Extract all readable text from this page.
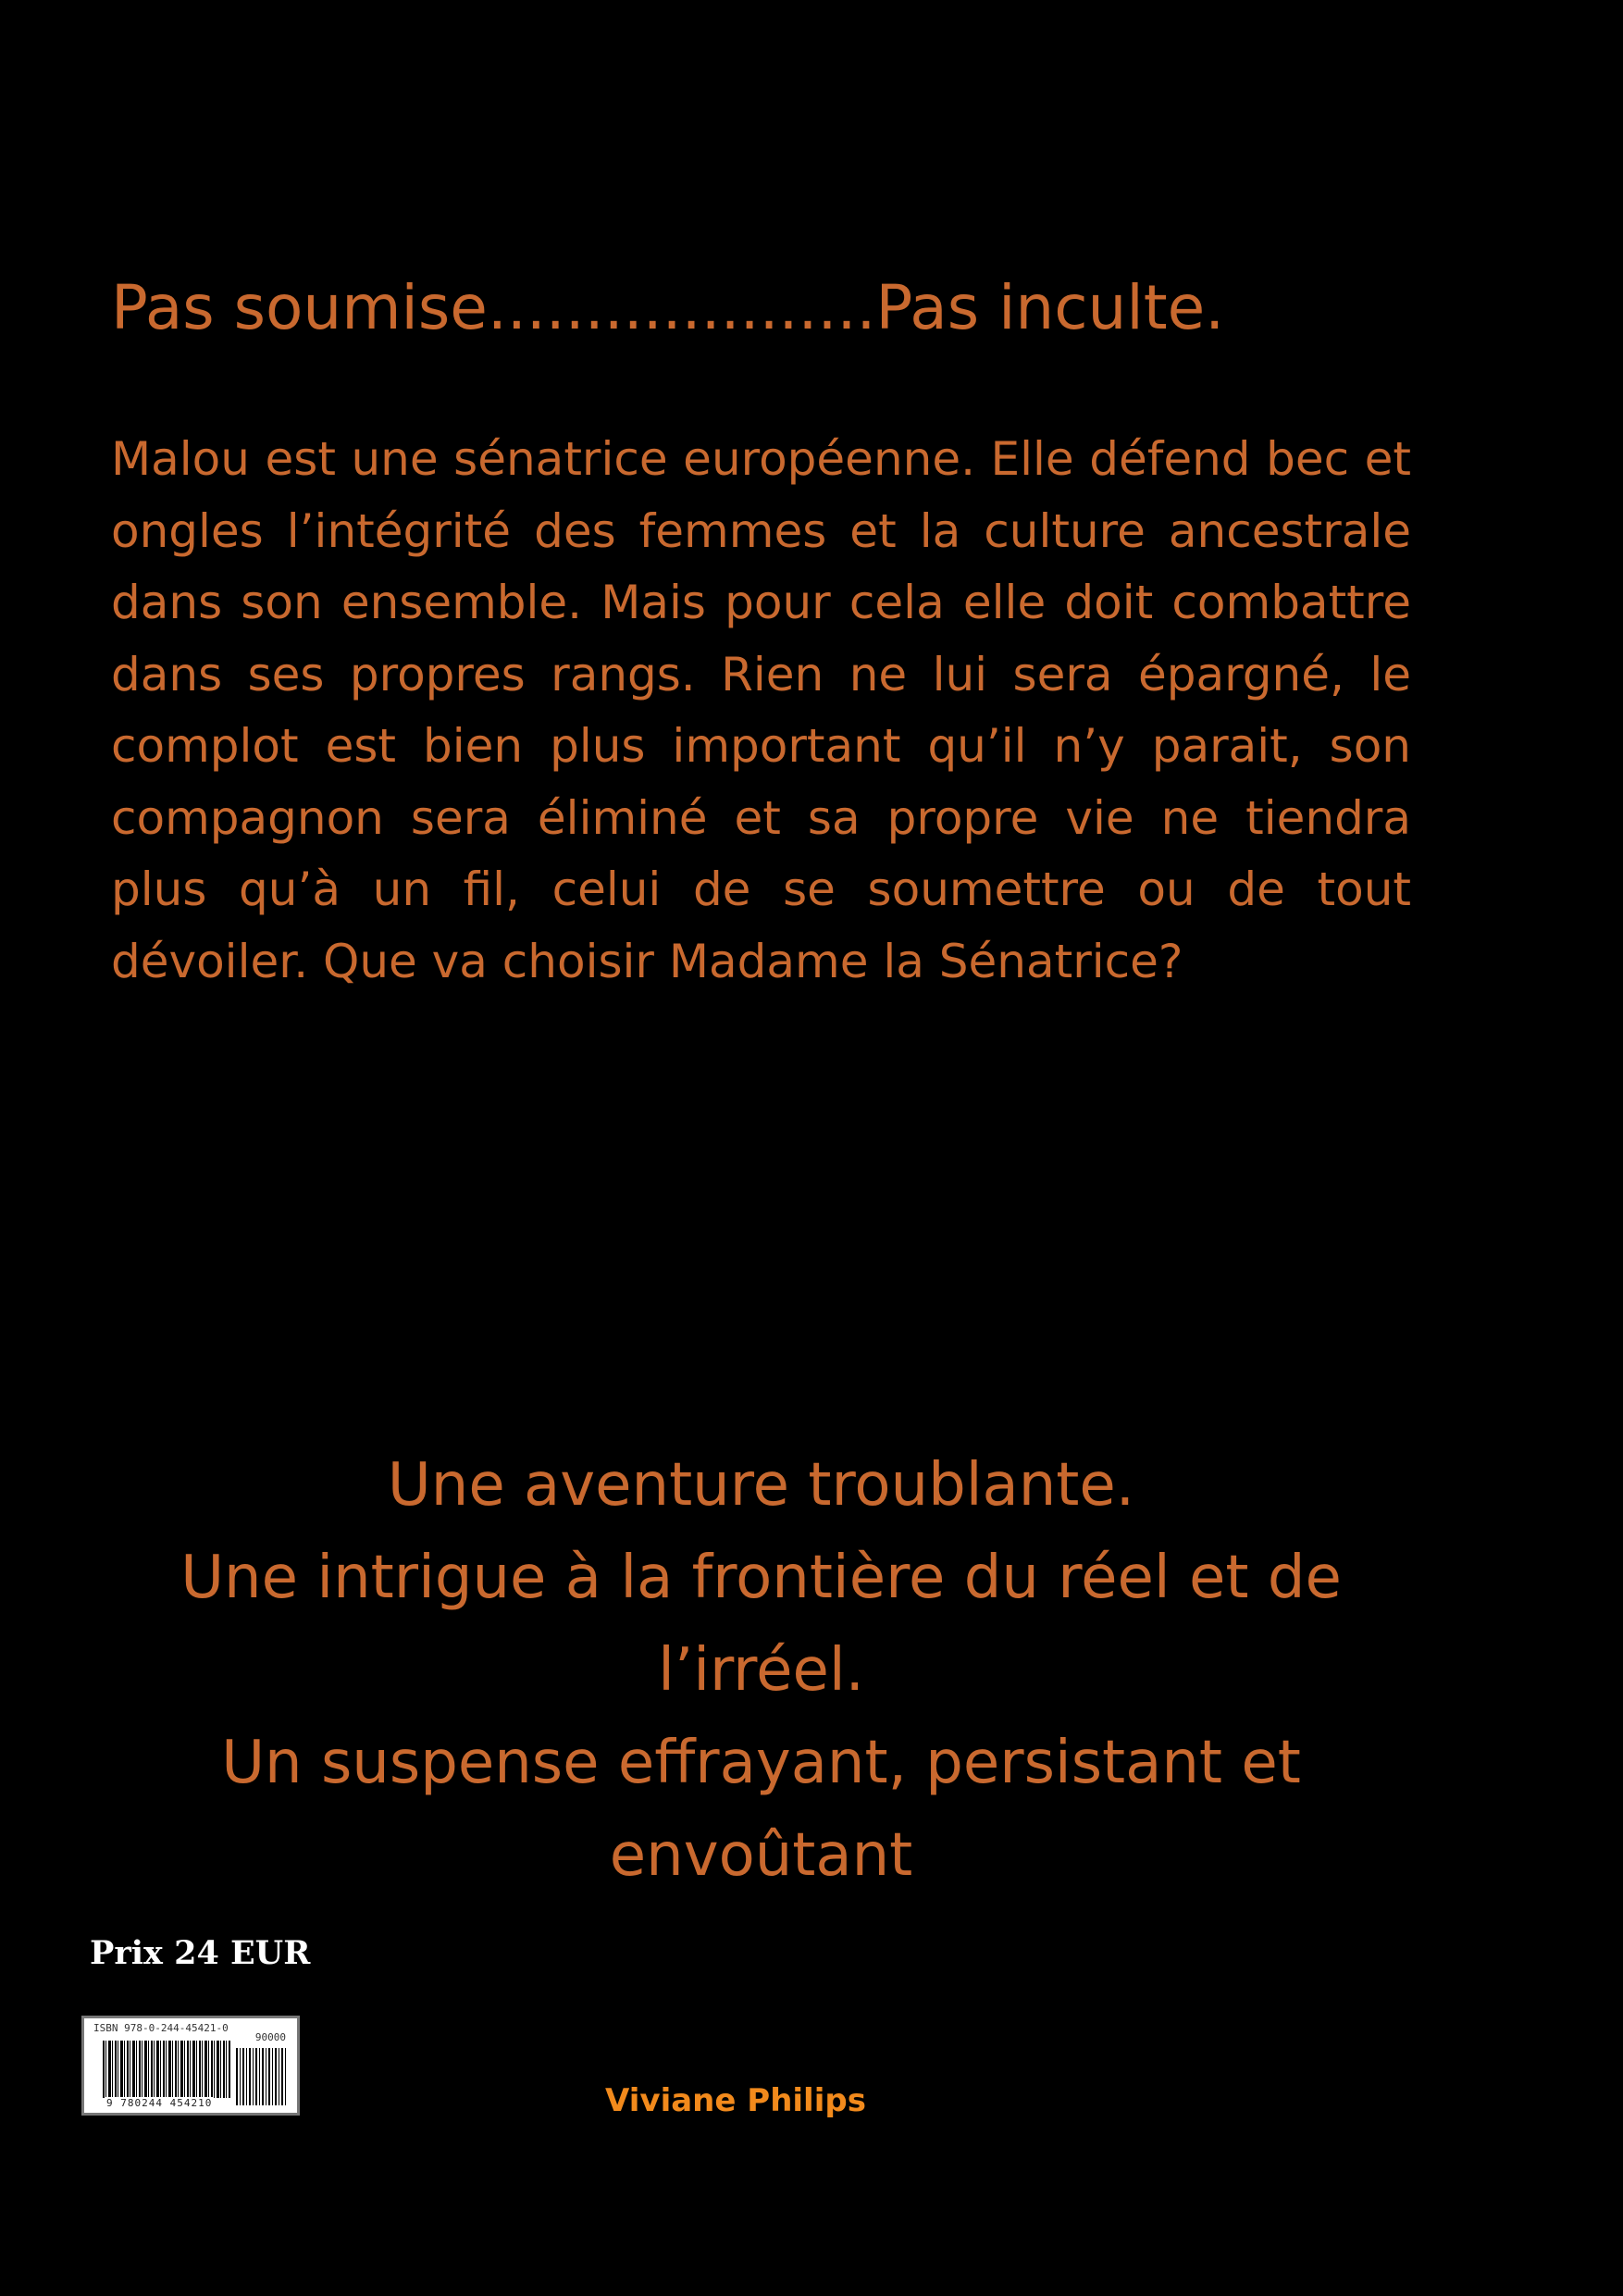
Pas soumise....................Pas inculte.

Malou est une sénatrice européenne. Elle défend bec et ongles l’intégrité des femmes et la culture ancestrale dans son ensemble. Mais pour cela elle doit combattre dans ses propres rangs. Rien ne lui sera épargné, le complot est bien plus important qu’il n’y parait, son compagnon sera éliminé et sa propre vie ne tiendra plus qu’à un fil, celui de se soumettre ou de tout dévoiler. Que va choisir Madame la Sénatrice?

Une aventure troublante.
Une intrigue à la frontière du réel et de l’irréel.
Un suspense effrayant, persistant et envoûtant
Prix 24 EUR
ISBN 978-0-244-45421-0
90000
9 780244 454210	Viviane Philips
